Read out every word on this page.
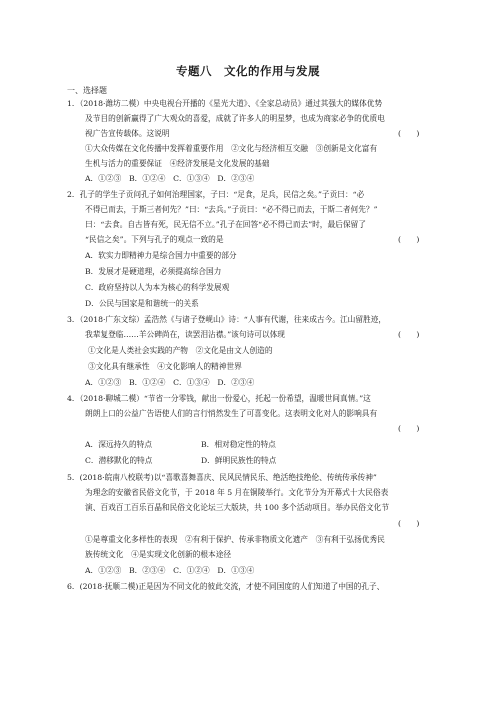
专题八　文化的作用与发展
一、选择题
1．（2018·潍坊二模）中央电视台开播的《星光大道》、《全家总动员》通过其强大的媒体优势
及节目的创新赢得了广大观众的喜爱，成就了许多人的明星梦，也成为商家必争的优质电
视广告宣传载体。这说明	(　　)
①大众传媒在文化传播中发挥着重要作用　②文化与经济相互交融　③创新是文化富有
生机与活力的重要保证　④经济发展是文化发展的基础
A．①②③　B．①②④　C．①③④　D．②③④
2．孔子的学生子贡问孔子如何治理国家，子曰：“足食，足兵，民信之矣。”子贡曰：“必
不得已而去，于斯三者何先？”曰：“去兵。”子贡曰：“必不得已而去，于斯二者何先？”
曰：“去食。自古皆有死，民无信不立。”孔子在回答“必不得已而去”时，最后保留了
“民信之矣”。下列与孔子的观点一致的是	(　　)
A．软实力即精神力是综合国力中重要的部分
B．发展才是硬道理，必须提高综合国力
C．政府坚持以人为本为核心的科学发展观
D．公民与国家是和谐统一的关系
3．（2018·广东文综）孟浩然《与诸子登岘山》诗：“人事有代谢，往来成古今。江山留胜迹，
我辈复登临……羊公碑尚在，读罢泪沾襟。”该句诗可以体现	(　　)
①文化是人类社会实践的产物　②文化是由文人创造的
③文化具有继承性　④文化影响人的精神世界
A．①②③　B．①②④　C．①③④　D．②③④
4．（2018·聊城二模）“节省一分零钱，献出一份爱心，托起一份希望，温暖世间真情。”这
朗朗上口的公益广告语使人们的言行悄然发生了可喜变化。这表明文化对人的影响具有
(　　)
A．深远持久的特点	B．相对稳定性的特点
C．潜移默化的特点	D．鲜明民族性的特点
5．(2018·皖南八校联考)以“喜歌喜舞喜庆、民风民情民乐、绝活绝技绝伦、传统传承传神”
为理念的安徽省民俗文化节，于 2018 年 5 月在铜陵举行。文化节分为开幕式十大民俗表
演、百戏百工百乐百晶和民俗文化论坛三大版块，共 100 多个活动项目。举办民俗文化节
(　　)
①是尊重文化多样性的表现　②有利于保护、传承非物质文化遗产　③有利于弘扬优秀民
族传统文化　④是实现文化创新的根本途径
A．①②③　B．②③④　C．①②④　D．①③④
6．(2018·抚顺二模)正是因为不同文化的彼此交流，才使不同国度的人们知道了中国的孔子、
